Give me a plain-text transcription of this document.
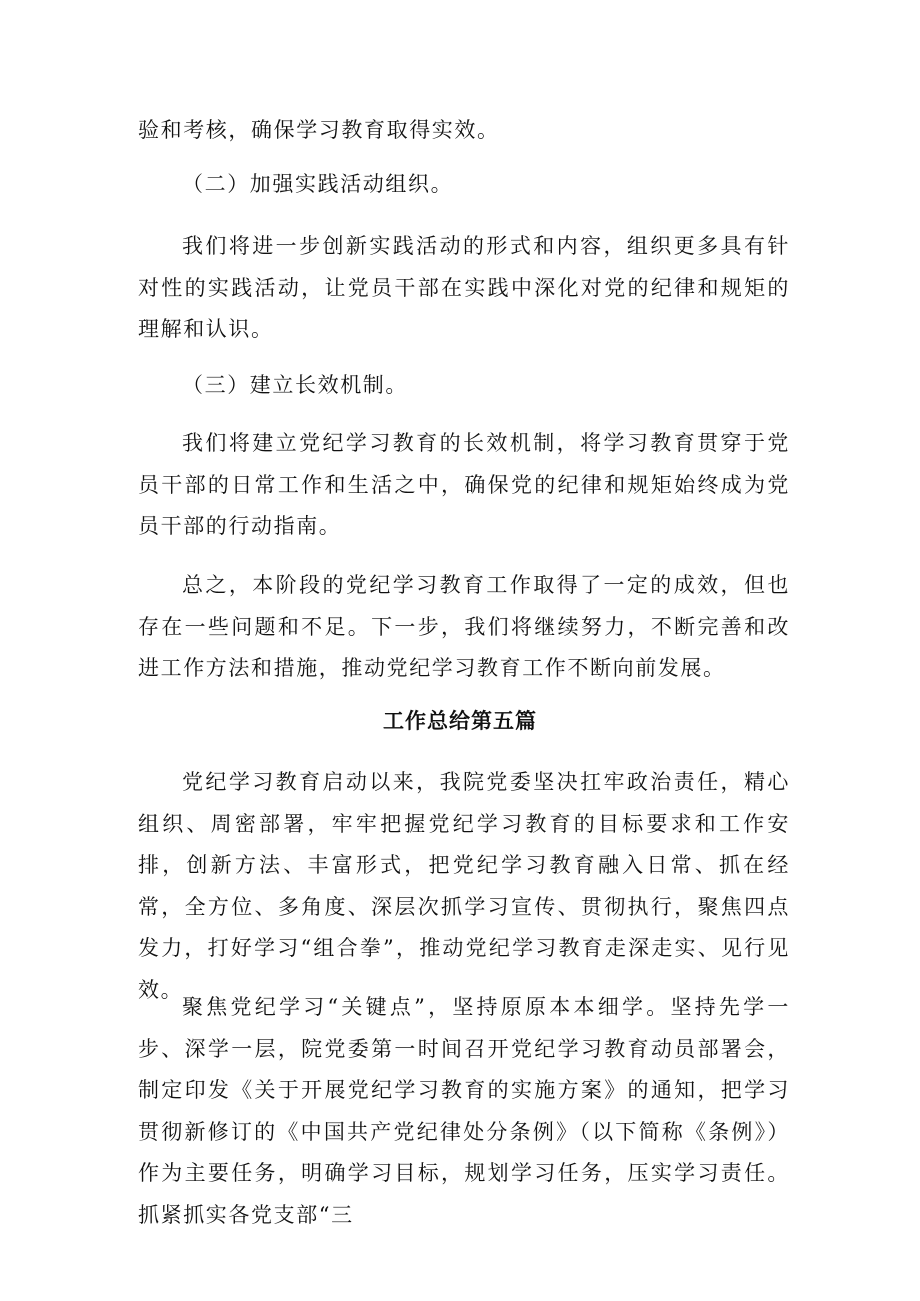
验和考核，确保学习教育取得实效。

（二）加强实践活动组织。

我们将进一步创新实践活动的形式和内容，组织更多具有针对性的实践活动，让党员干部在实践中深化对党的纪律和规矩的理解和认识。

（三）建立长效机制。

我们将建立党纪学习教育的长效机制，将学习教育贯穿于党员干部的日常工作和生活之中，确保党的纪律和规矩始终成为党员干部的行动指南。

总之，本阶段的党纪学习教育工作取得了一定的成效，但也存在一些问题和不足。下一步，我们将继续努力，不断完善和改进工作方法和措施，推动党纪学习教育工作不断向前发展。

工作总给第五篇

党纪学习教育启动以来，我院党委坚决扛牢政治责任，精心组织、周密部署，牢牢把握党纪学习教育的目标要求和工作安排，创新方法、丰富形式，把党纪学习教育融入日常、抓在经常，全方位、多角度、深层次抓学习宣传、贯彻执行，聚焦四点发力，打好学习“组合拳”，推动党纪学习教育走深走实、见行见效。

聚焦党纪学习“关键点”，坚持原原本本细学。坚持先学一步、深学一层，院党委第一时间召开党纪学习教育动员部署会，制定印发《关于开展党纪学习教育的实施方案》的通知，把学习贯彻新修订的《中国共产党纪律处分条例》（以下简称《条例》）作为主要任务，明确学习目标，规划学习任务，压实学习责任。抓紧抓实各党支部“三
